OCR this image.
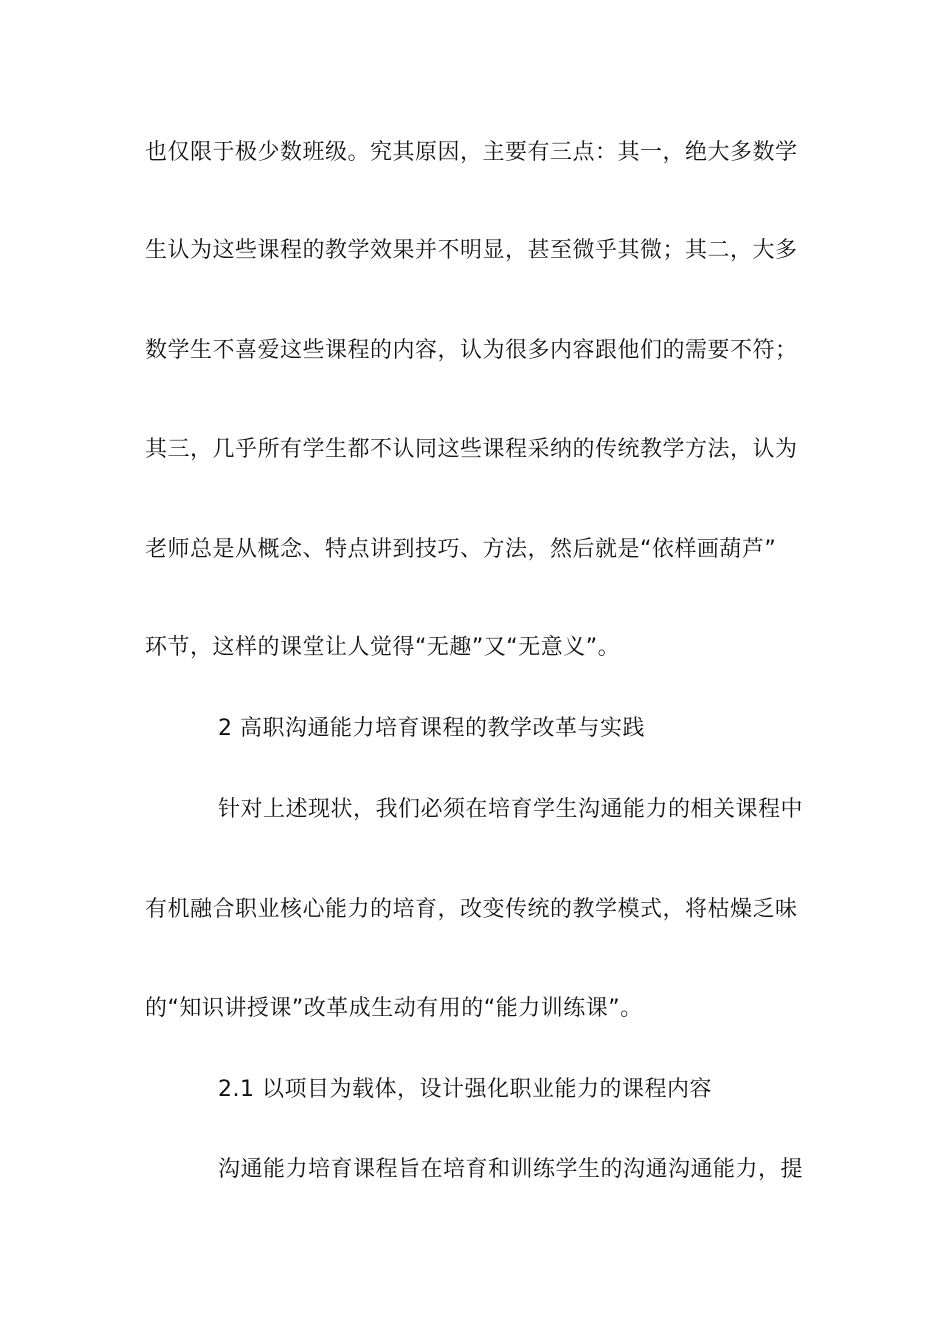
也仅限于极少数班级。究其原因，主要有三点：其一，绝大多数学
生认为这些课程的教学效果并不明显，甚至微乎其微；其二，大多
数学生不喜爱这些课程的内容，认为很多内容跟他们的需要不符；
其三，几乎所有学生都不认同这些课程采纳的传统教学方法，认为
老师总是从概念、特点讲到技巧、方法，然后就是“依样画葫芦”
环节，这样的课堂让人觉得“无趣”又“无意义”。
2 高职沟通能力培育课程的教学改革与实践
针对上述现状，我们必须在培育学生沟通能力的相关课程中
有机融合职业核心能力的培育，改变传统的教学模式，将枯燥乏味
的“知识讲授课”改革成生动有用的“能力训练课”。
2.1 以项目为载体，设计强化职业能力的课程内容
沟通能力培育课程旨在培育和训练学生的沟通沟通能力，提
